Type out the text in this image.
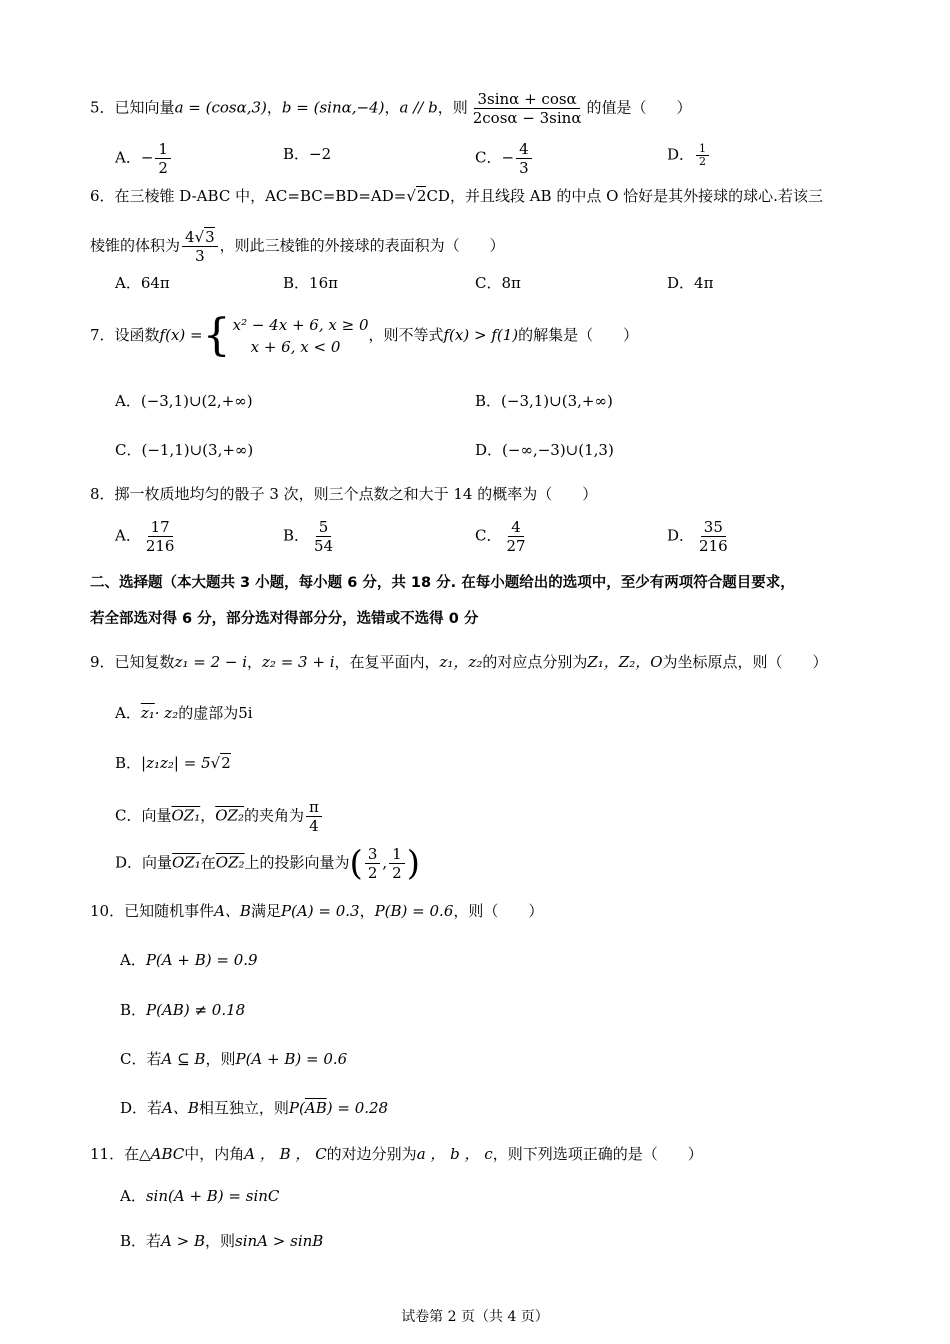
5．已知向量a = (cosα,3)，b = (sinα,−4)，a // b，则 $\frac{3\sin\alpha + \cos\alpha}{2\cos\alpha - 3\sin\alpha}$ 的值是（　　）
A．− $\frac{1}{2}$	B．−2	C．− $\frac{4}{3}$	D． $\frac{1}{2}$
6．在三棱锥 D-ABC 中，AC=BC=BD=AD=√2CD，并且线段 AB 的中点 O 恰好是其外接球的球心.若该三
棱锥的体积为 $\frac{4√3}{3}$ ，则此三棱锥的外接球的表面积为（　　）
A．64π	B．16π	C．8π	D．4π
7．设函数f(x) = { x² − 4x + 6, x ≥ 0
x + 6, x < 0
，则不等式f(x) > f(1)的解集是（　　）
A．(−3,1)∪(2,+∞)	B．(−3,1)∪(3,+∞)
C．(−1,1)∪(3,+∞)	D．(−∞,−3)∪(1,3)
8．掷一枚质地均匀的骰子 3 次，则三个点数之和大于 14 的概率为（　　）
A． $\frac{17}{216}$	B． $\frac{5}{54}$	C． $\frac{4}{27}$	D． $\frac{35}{216}$
二、选择题（本大题共 3 小题，每小题 6 分，共 18 分. 在每小题给出的选项中，至少有两项符合题目要求，
若全部选对得 6 分，部分选对得部分分，选错或不选得 0 分
9．已知复数z₁ = 2 − i，z₂ = 3 + i，在复平面内，z₁，z₂的对应点分别为Z₁，Z₂，O为坐标原点，则（　　）
A．z₁· z₂的虚部为5i
B．|z₁z₂| = 5√2
C．向量OZ₁，OZ₂的夹角为 $\frac{\pi}{4}$
D．向量OZ₁在OZ₂上的投影向量为( $\frac{3}{2}$ , $\frac{1}{2}$ )
10．已知随机事件A、B满足P(A) = 0.3，P(B) = 0.6，则（　　）
A．P(A + B) = 0.9
B．P(AB) ≠ 0.18
C．若A ⊆ B，则P(A + B) = 0.6
D．若A、B相互独立，则$P(\overline{AB}) = 0.28$
11．在△ABC中，内角A ， B ， C的对边分别为a ， b ， c，则下列选项正确的是（　　）
A．sin(A + B) = sinC
B．若A > B，则sinA > sinB
试卷第 2 页（共 4 页）
